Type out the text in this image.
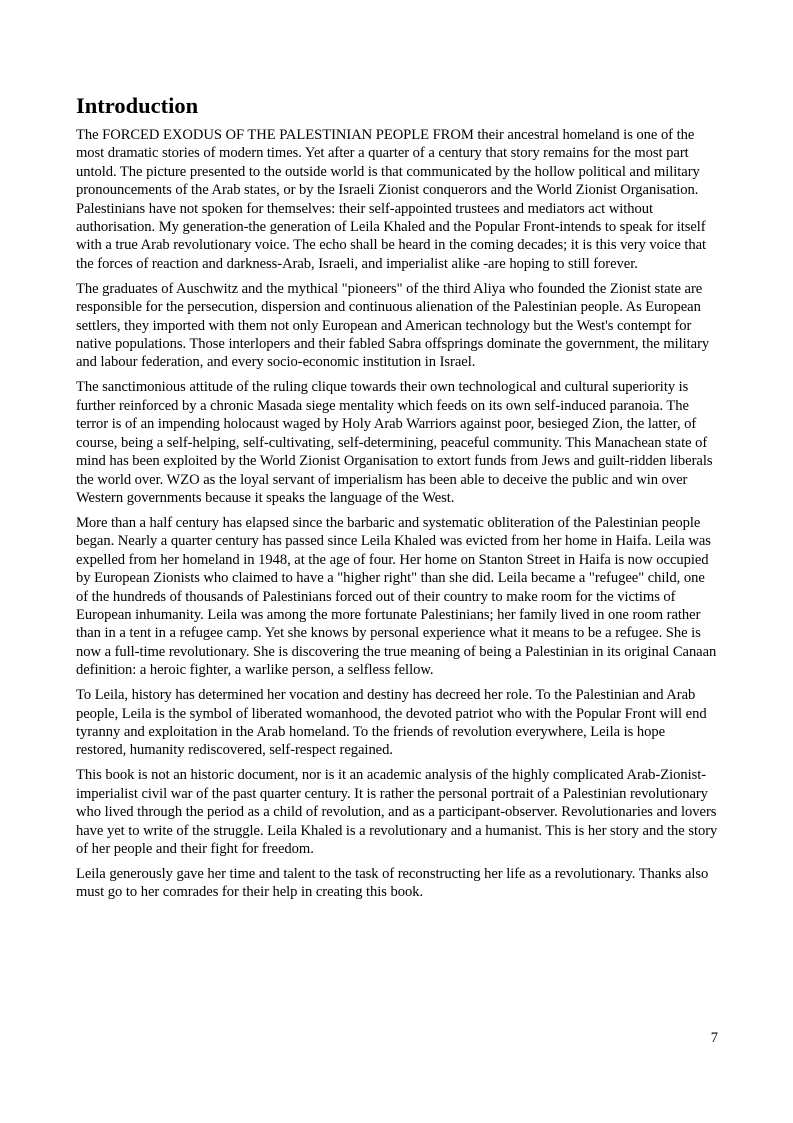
Introduction

The FORCED EXODUS OF THE PALESTINIAN PEOPLE FROM their ancestral homeland is one of the most dramatic stories of modern times. Yet after a quarter of a century that story remains for the most part untold. The picture presented to the outside world is that communicated by the hollow political and military pronouncements of the Arab states, or by the Israeli Zionist conquerors and the World Zionist Organisation. Palestinians have not spoken for themselves: their self-appointed trustees and mediators act without authorisation. My generation-the generation of Leila Khaled and the Popular Front-intends to speak for itself with a true Arab revolutionary voice. The echo shall be heard in the coming decades; it is this very voice that the forces of reaction and darkness-Arab, Israeli, and imperialist alike -are hoping to still forever.

The graduates of Auschwitz and the mythical "pioneers" of the third Aliya who founded the Zionist state are responsible for the persecution, dispersion and continuous alienation of the Palestinian people. As European settlers, they imported with them not only European and American technology but the West's contempt for native populations. Those interlopers and their fabled Sabra offsprings dominate the government, the military and labour federation, and every socio-economic institution in Israel.

The sanctimonious attitude of the ruling clique towards their own technological and cultural superiority is further reinforced by a chronic Masada siege mentality which feeds on its own self-induced paranoia. The terror is of an impending holocaust waged by Holy Arab Warriors against poor, besieged Zion, the latter, of course, being a self-helping, self-cultivating, self-determining, peaceful community. This Manachean state of mind has been exploited by the World Zionist Organisation to extort funds from Jews and guilt-ridden liberals the world over. WZO as the loyal servant of imperialism has been able to deceive the public and win over Western governments because it speaks the language of the West.

More than a half century has elapsed since the barbaric and systematic obliteration of the Palestinian people began. Nearly a quarter century has passed since Leila Khaled was evicted from her home in Haifa. Leila was expelled from her homeland in 1948, at the age of four. Her home on Stanton Street in Haifa is now occupied by European Zionists who claimed to have a "higher right" than she did. Leila became a "refugee" child, one of the hundreds of thousands of Palestinians forced out of their country to make room for the victims of European inhumanity. Leila was among the more fortunate Palestinians; her family lived in one room rather than in a tent in a refugee camp. Yet she knows by personal experience what it means to be a refugee. She is now a full-time revolutionary. She is discovering the true meaning of being a Palestinian in its original Canaan definition: a heroic fighter, a warlike person, a selfless fellow.

To Leila, history has determined her vocation and destiny has decreed her role. To the Palestinian and Arab people, Leila is the symbol of liberated womanhood, the devoted patriot who with the Popular Front will end tyranny and exploitation in the Arab homeland. To the friends of revolution everywhere, Leila is hope restored, humanity rediscovered, self-respect regained.

This book is not an historic document, nor is it an academic analysis of the highly complicated Arab-Zionist-imperialist civil war of the past quarter century. It is rather the personal portrait of a Palestinian revolutionary who lived through the period as a child of revolution, and as a participant-observer. Revolutionaries and lovers have yet to write of the struggle. Leila Khaled is a revolutionary and a humanist. This is her story and the story of her people and their fight for freedom.

Leila generously gave her time and talent to the task of reconstructing her life as a revolutionary. Thanks also must go to her comrades for their help in creating this book.

7
